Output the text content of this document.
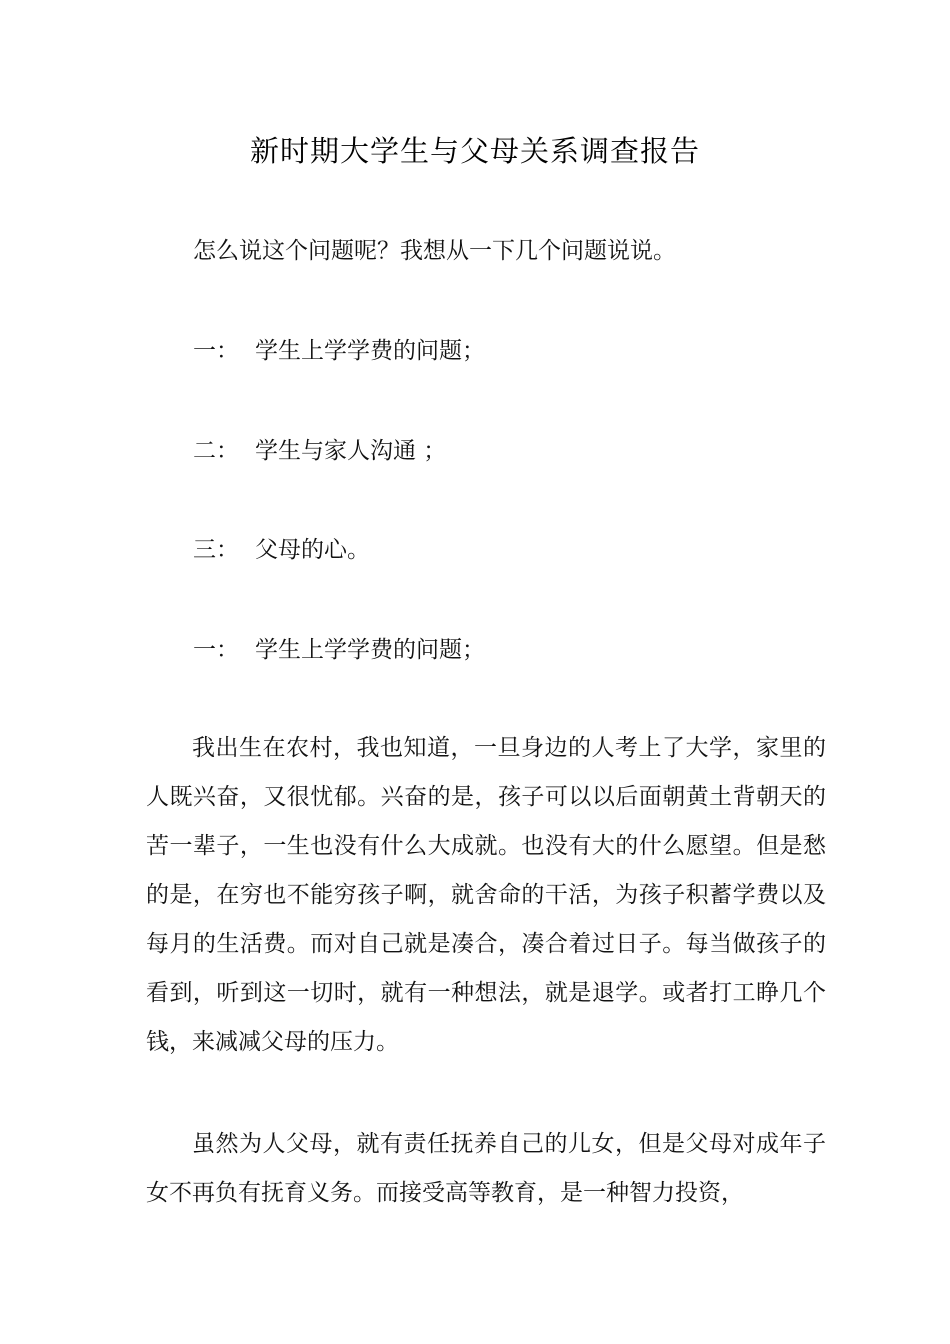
新时期大学生与父母关系调查报告
怎么说这个问题呢？我想从一下几个问题说说。
一： 学生上学学费的问题；
二： 学生与家人沟通 ；
三： 父母的心。
一： 学生上学学费的问题；

我出生在农村，我也知道，一旦身边的人考上了大学，家里的人既兴奋，又很忧郁。兴奋的是，孩子可以以后面朝黄土背朝天的苦一辈子，一生也没有什么大成就。也没有大的什么愿望。但是愁的是，在穷也不能穷孩子啊，就舍命的干活，为孩子积蓄学费以及每月的生活费。而对自己就是凑合，凑合着过日子。每当做孩子的看到，听到这一切时，就有一种想法，就是退学。或者打工睁几个钱，来减减父母的压力。

虽然为人父母，就有责任抚养自己的儿女，但是父母对成年子女不再负有抚育义务。而接受高等教育，是一种智力投资，
